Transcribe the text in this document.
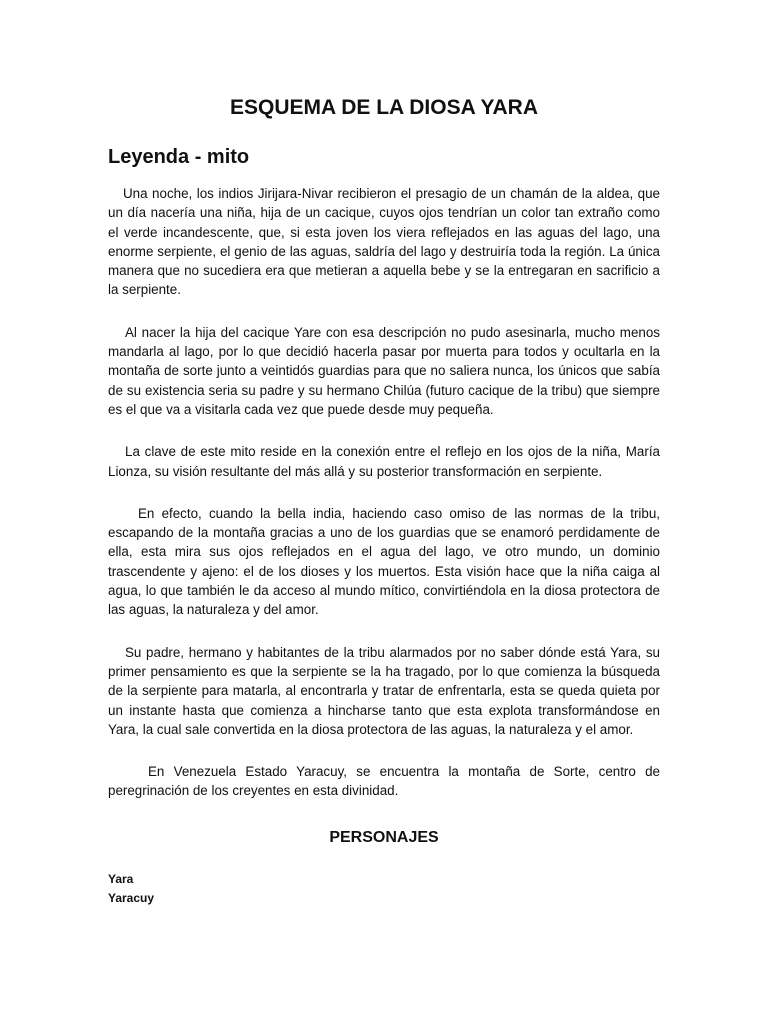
ESQUEMA DE LA DIOSA YARA
Leyenda - mito

Una noche, los indios Jirijara-Nivar recibieron el presagio de un chamán de la aldea, que un día nacería una niña, hija de un cacique, cuyos ojos tendrían un color tan extraño como el verde incandescente, que, si esta joven los viera reflejados en las aguas del lago, una enorme serpiente, el genio de las aguas, saldría del lago y destruiría toda la región. La única manera que no sucediera era que metieran a aquella bebe y se la entregaran en sacrificio a la serpiente.

Al nacer la hija del cacique Yare con esa descripción no pudo asesinarla, mucho menos mandarla al lago, por lo que decidió hacerla pasar por muerta para todos y ocultarla en la montaña de sorte junto a veintidós guardias para que no saliera nunca, los únicos que sabía de su existencia seria su padre y su hermano Chilúa (futuro cacique de la tribu) que siempre es el que va a visitarla cada vez que puede desde muy pequeña.

La clave de este mito reside en la conexión entre el reflejo en los ojos de la niña, María Lionza, su visión resultante del más allá y su posterior transformación en serpiente.

En efecto, cuando la bella india, haciendo caso omiso de las normas de la tribu, escapando de la montaña gracias a uno de los guardias que se enamoró perdidamente de ella, esta mira sus ojos reflejados en el agua del lago, ve otro mundo, un dominio trascendente y ajeno: el de los dioses y los muertos. Esta visión hace que la niña caiga al agua, lo que también le da acceso al mundo mítico, convirtiéndola en la diosa protectora de las aguas, la naturaleza y del amor.

Su padre, hermano y habitantes de la tribu alarmados por no saber dónde está Yara, su primer pensamiento es que la serpiente se la ha tragado, por lo que comienza la búsqueda de la serpiente para matarla, al encontrarla y tratar de enfrentarla, esta se queda quieta por un instante hasta que comienza a hincharse tanto que esta explota transformándose en Yara, la cual sale convertida en la diosa protectora de las aguas, la naturaleza y el amor.

En Venezuela Estado Yaracuy, se encuentra la montaña de Sorte, centro de peregrinación de los creyentes en esta divinidad.

PERSONAJES
Yara
Yaracuy
